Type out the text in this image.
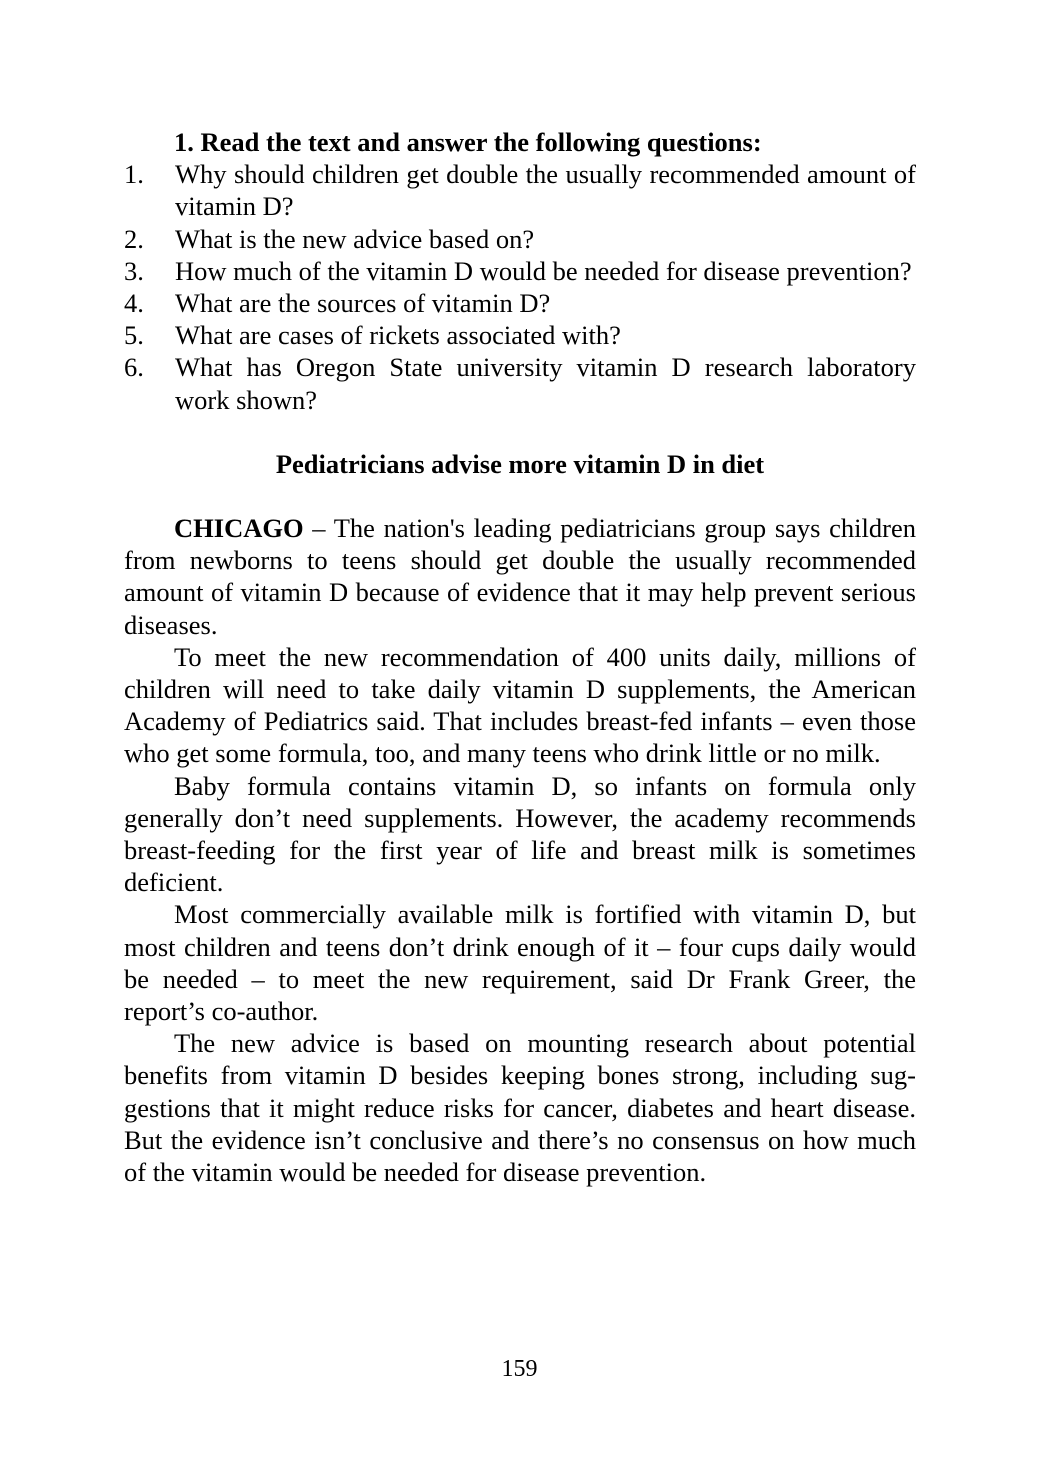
1. Read the text and answer the following questions:
1. Why should children get double the usually recommended amount of vitamin D?
2. What is the new advice based on?
3. How much of the vitamin D would be needed for disease prevention?
4. What are the sources of vitamin D?
5. What are cases of rickets associated with?
6. What has Oregon State university vitamin D research laboratory work shown?
Pediatricians advise more vitamin D in diet

CHICAGO – The nation's leading pediatricians group says children from newborns to teens should get double the usually recommended amount of vitamin D because of evidence that it may help prevent serious diseases.

To meet the new recommendation of 400 units daily, millions of children will need to take daily vitamin D supplements, the American Academy of Pediatrics said. That includes breast-fed infants – even those who get some formula, too, and many teens who drink little or no milk.

Baby formula contains vitamin D, so infants on formula only generally don’t need supplements. However, the academy recommends breast-feeding for the first year of life and breast milk is sometimes deficient.

Most commercially available milk is fortified with vitamin D, but most children and teens don’t drink enough of it – four cups daily would be needed – to meet the new requirement, said Dr Frank Greer, the report’s co-author.

The new advice is based on mounting research about potential benefits from vitamin D besides keeping bones strong, including suggestions that it might reduce risks for cancer, diabetes and heart disease. But the evidence isn’t conclusive and there’s no consensus on how much of the vitamin would be needed for disease prevention.

159
